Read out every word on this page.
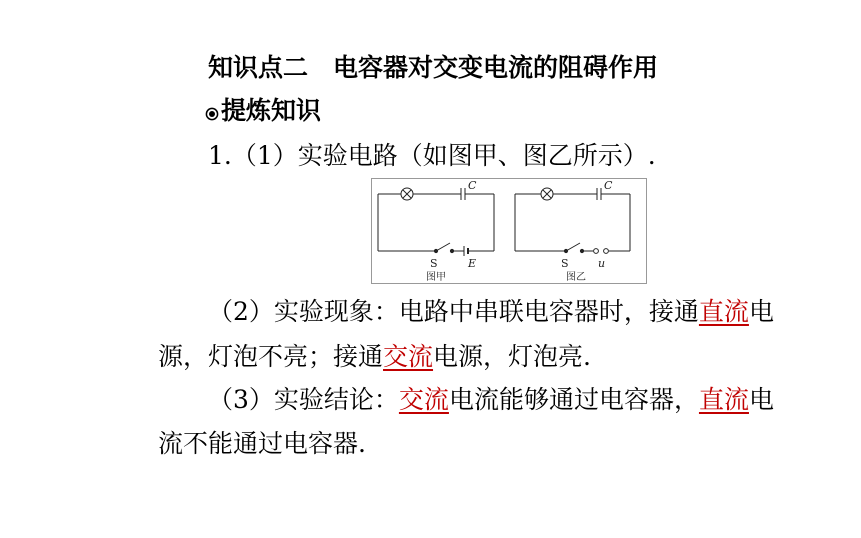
知识点二　电容器对交变电流的阻碍作用
提炼知识
1.（1）实验电路（如图甲、图乙所示）.
C
S	E
图甲
C
S	u
图乙
（2）实验现象：电路中串联电容器时，接通直流电
源，灯泡不亮；接通交流电源，灯泡亮.
（3）实验结论：交流电流能够通过电容器，直流电
流不能通过电容器.
